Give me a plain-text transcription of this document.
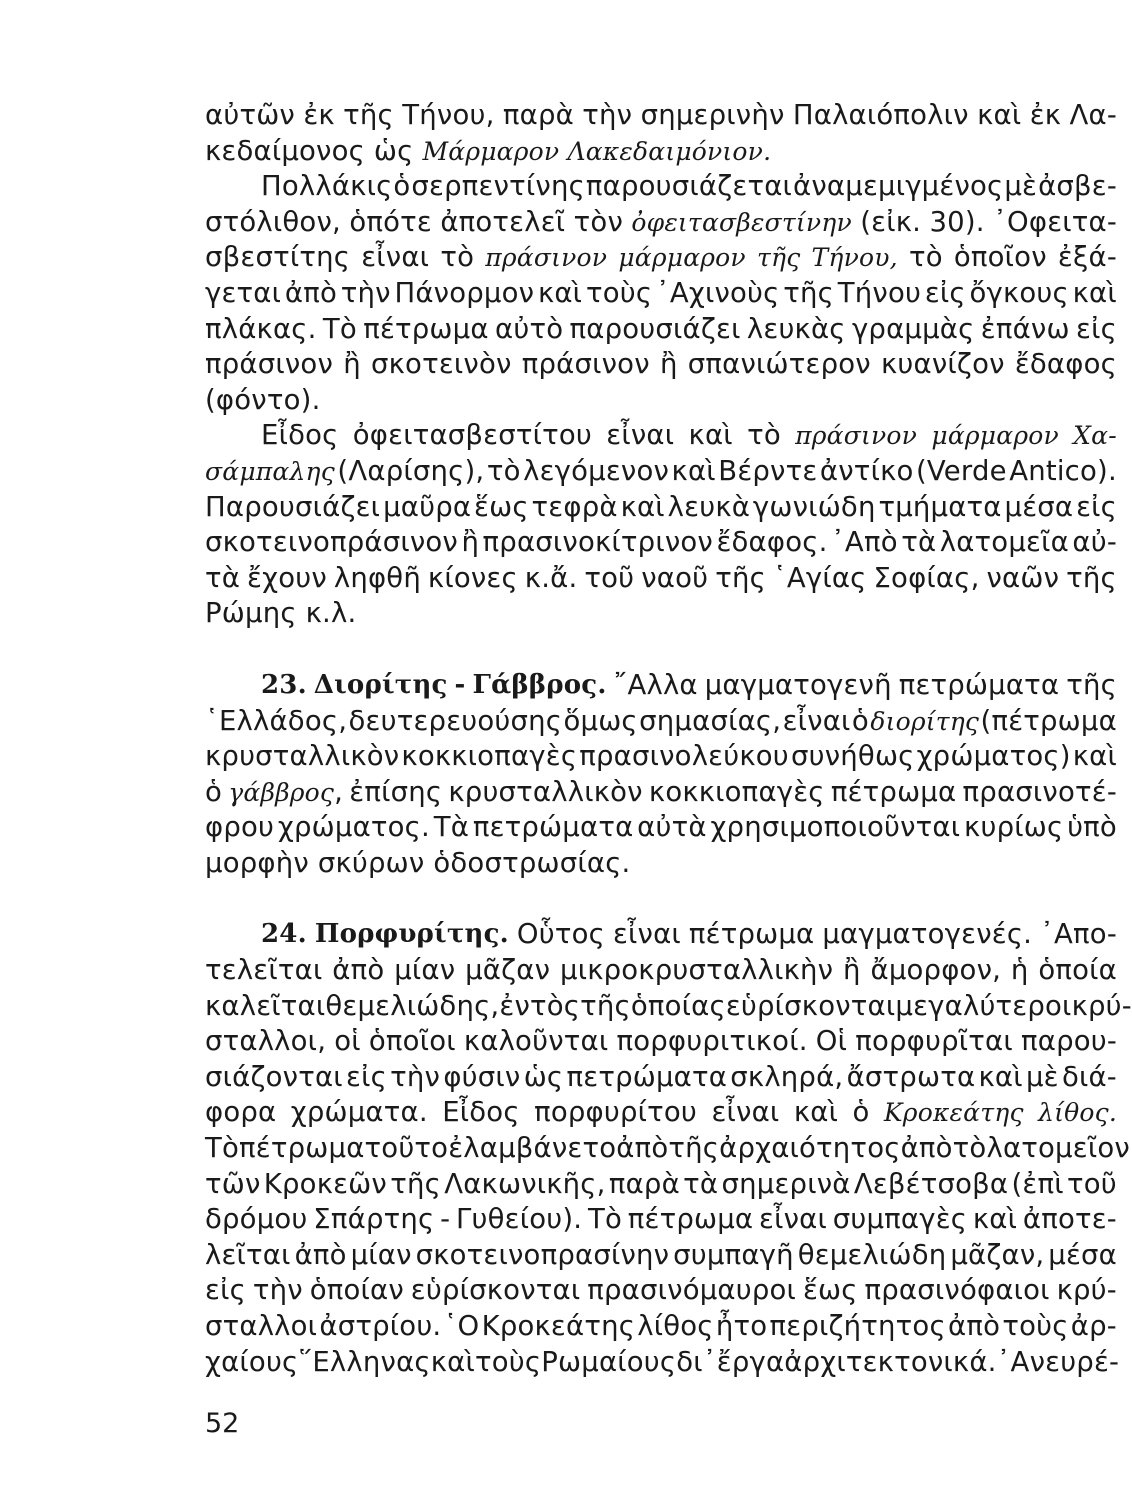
αὐτῶν ἐκ τῆς Τήνου, παρὰ τὴν σημερινὴν Παλαιόπολιν καὶ ἐκ Λα-
κεδαίμονος ὡς Μάρμαρον Λακεδαιμόνιον.
Πολλάκις ὁ σερπεντίνης παρουσιάζεται ἀναμεμιγμένος μὲ ἀσβε-
στόλιθον, ὁπότε ἀποτελεῖ τὸν ὀφειτασβεστίνην (εἰκ. 30). ᾿Οφειτα-
σβεστίτης εἶναι τὸ πράσινον μάρμαρον τῆς Τήνου, τὸ ὁποῖον ἐξά-
γεται ἀπὸ τὴν Πάνορμον καὶ τοὺς ᾿Αχινοὺς τῆς Τήνου εἰς ὄγκους καὶ
πλάκας. Τὸ πέτρωμα αὐτὸ παρουσιάζει λευκὰς γραμμὰς ἐπάνω εἰς
πράσινον ἢ σκοτεινὸν πράσινον ἢ σπανιώτερον κυανίζον ἔδαφος
(φόντο).
Εἶδος ὀφειτασβεστίτου εἶναι καὶ τὸ πράσινον μάρμαρον Χα-
σάμπαλης (Λαρίσης), τὸ λεγόμενον καὶ Βέρντε ἀντίκο (Verde Antico).
Παρουσιάζει μαῦρα ἕως τεφρὰ καὶ λευκὰ γωνιώδη τμήματα μέσα εἰς
σκοτεινοπράσινον ἢ πρασινοκίτρινον ἔδαφος. ᾿Απὸ τὰ λατομεῖα αὐ-
τὰ ἔχουν ληφθῆ κίονες κ.ἄ. τοῦ ναοῦ τῆς ῾Αγίας Σοφίας, ναῶν τῆς
Ρώμης κ.λ.
23. Διορίτης - Γάββρος. ῎Αλλα μαγματογενῆ πετρώματα τῆς
῾Ελλάδος, δευτερευούσης ὅμως σημασίας, εἶναι ὁ διορίτης (πέτρωμα
κρυσταλλικὸν κοκκιοπαγὲς πρασινολεύκου συνήθως χρώματος) καὶ
ὁ γάββρος, ἐπίσης κρυσταλλικὸν κοκκιοπαγὲς πέτρωμα πρασινοτέ-
φρου χρώματος. Τὰ πετρώματα αὐτὰ χρησιμοποιοῦνται κυρίως ὑπὸ
μορφὴν σκύρων ὁδοστρωσίας.
24. Πορφυρίτης. Οὗτος εἶναι πέτρωμα μαγματογενές. ᾿Απο-
τελεῖται ἀπὸ μίαν μᾶζαν μικροκρυσταλλικὴν ἢ ἄμορφον, ἡ ὁποία
καλεῖται θεμελιώδης, ἐντὸς τῆς ὁποίας εὑρίσκονται μεγαλύτεροι κρύ-
σταλλοι, οἱ ὁποῖοι καλοῦνται πορφυριτικοί. Οἱ πορφυρῖται παρου-
σιάζονται εἰς τὴν φύσιν ὡς πετρώματα σκληρά, ἄστρωτα καὶ μὲ διά-
φορα χρώματα. Εἶδος πορφυρίτου εἶναι καὶ ὁ Κροκεάτης λίθος.
Τὸ πέτρωμα τοῦτο ἐλαμβάνετο ἀπὸ τῆς ἀρχαιότητος ἀπὸ τὸ λατομεῖον
τῶν Κροκεῶν τῆς Λακωνικῆς, παρὰ τὰ σημερινὰ Λεβέτσοβα (ἐπὶ τοῦ
δρόμου Σπάρτης - Γυθείου). Τὸ πέτρωμα εἶναι συμπαγὲς καὶ ἀποτε-
λεῖται ἀπὸ μίαν σκοτεινοπρασίνην συμπαγῆ θεμελιώδη μᾶζαν, μέσα
εἰς τὴν ὁποίαν εὑρίσκονται πρασινόμαυροι ἕως πρασινόφαιοι κρύ-
σταλλοι ἀστρίου. ῾Ο Κροκεάτης λίθος ἦτο περιζήτητος ἀπὸ τοὺς ἀρ-
χαίους ῞Ελληνας καὶ τοὺς Ρωμαίους δι᾿ ἔργα ἀρχιτεκτονικά. ᾿Ανευρέ-
52
